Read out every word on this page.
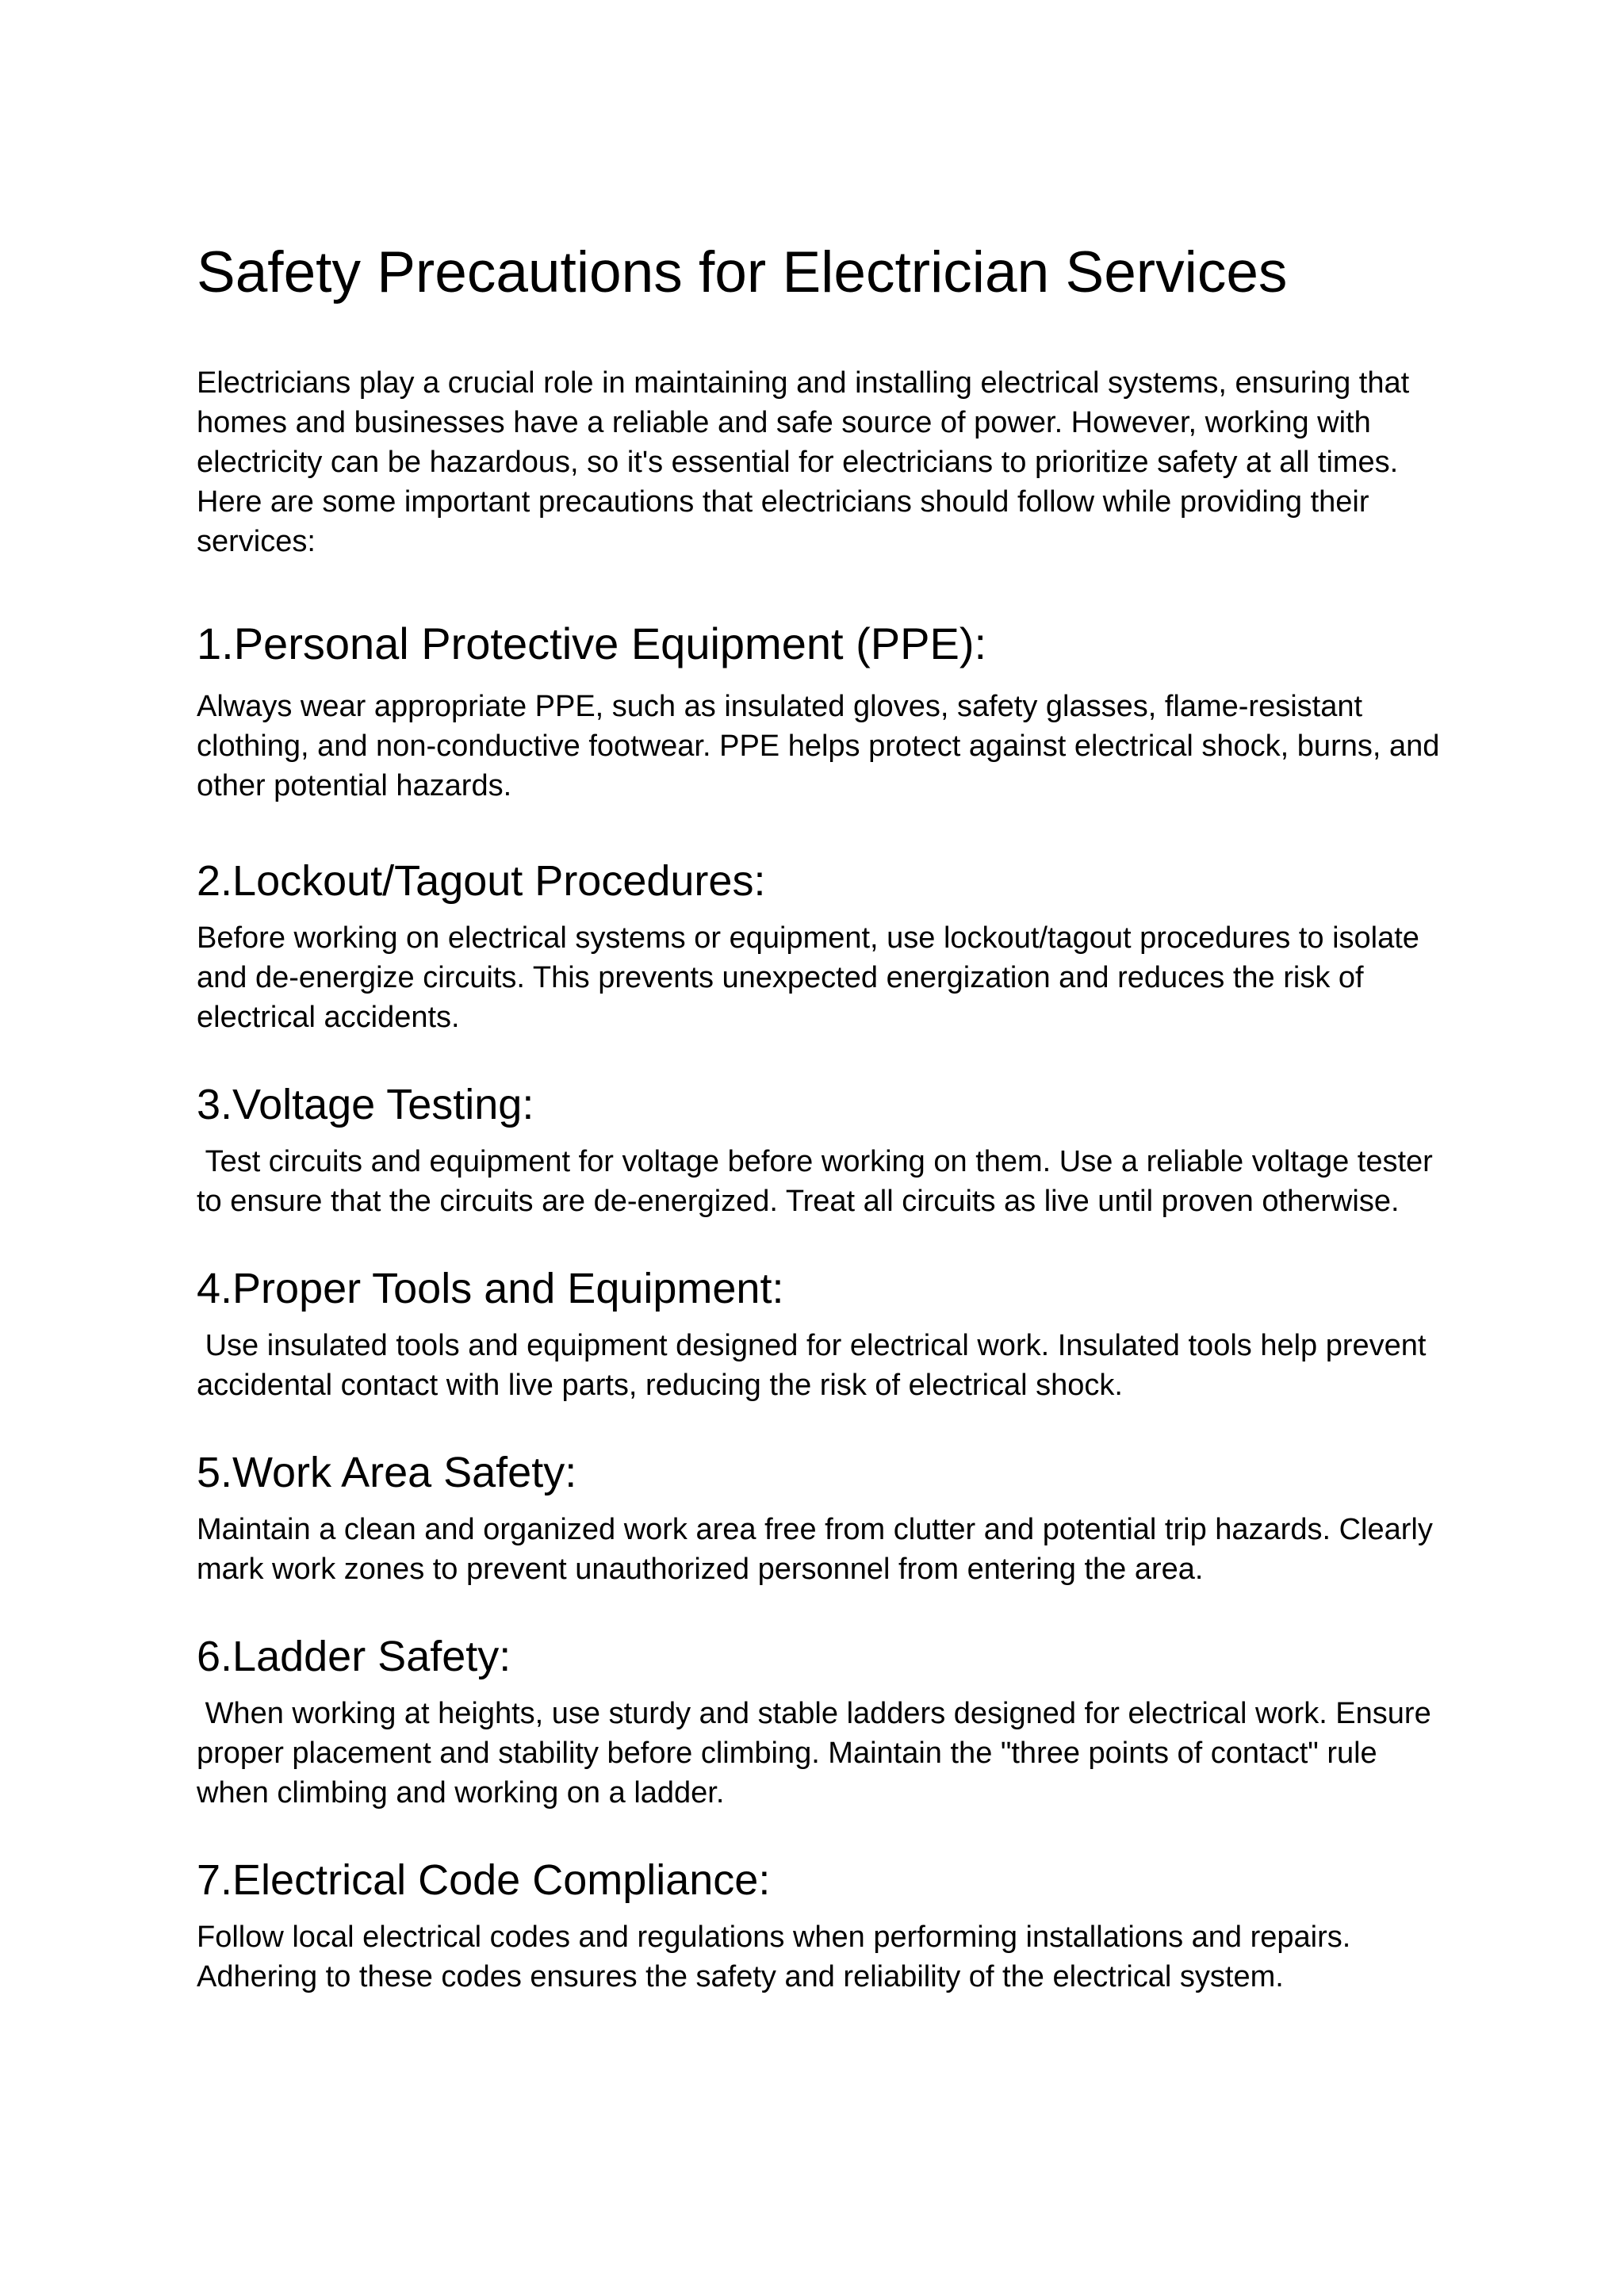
Safety Precautions for Electrician Services

Electricians play a crucial role in maintaining and installing electrical systems, ensuring that homes and businesses have a reliable and safe source of power. However, working with electricity can be hazardous, so it's essential for electricians to prioritize safety at all times. Here are some important precautions that electricians should follow while providing their services:

1.Personal Protective Equipment (PPE):

Always wear appropriate PPE, such as insulated gloves, safety glasses, flame-resistant clothing, and non-conductive footwear. PPE helps protect against electrical shock, burns, and other potential hazards.

2.Lockout/Tagout Procedures:

Before working on electrical systems or equipment, use lockout/tagout procedures to isolate and de-energize circuits. This prevents unexpected energization and reduces the risk of electrical accidents.

3.Voltage Testing:

Test circuits and equipment for voltage before working on them. Use a reliable voltage tester to ensure that the circuits are de-energized. Treat all circuits as live until proven otherwise.

4.Proper Tools and Equipment:

Use insulated tools and equipment designed for electrical work. Insulated tools help prevent accidental contact with live parts, reducing the risk of electrical shock.

5.Work Area Safety:

Maintain a clean and organized work area free from clutter and potential trip hazards. Clearly mark work zones to prevent unauthorized personnel from entering the area.

6.Ladder Safety:

When working at heights, use sturdy and stable ladders designed for electrical work. Ensure proper placement and stability before climbing. Maintain the "three points of contact" rule when climbing and working on a ladder.

7.Electrical Code Compliance:

Follow local electrical codes and regulations when performing installations and repairs. Adhering to these codes ensures the safety and reliability of the electrical system.
